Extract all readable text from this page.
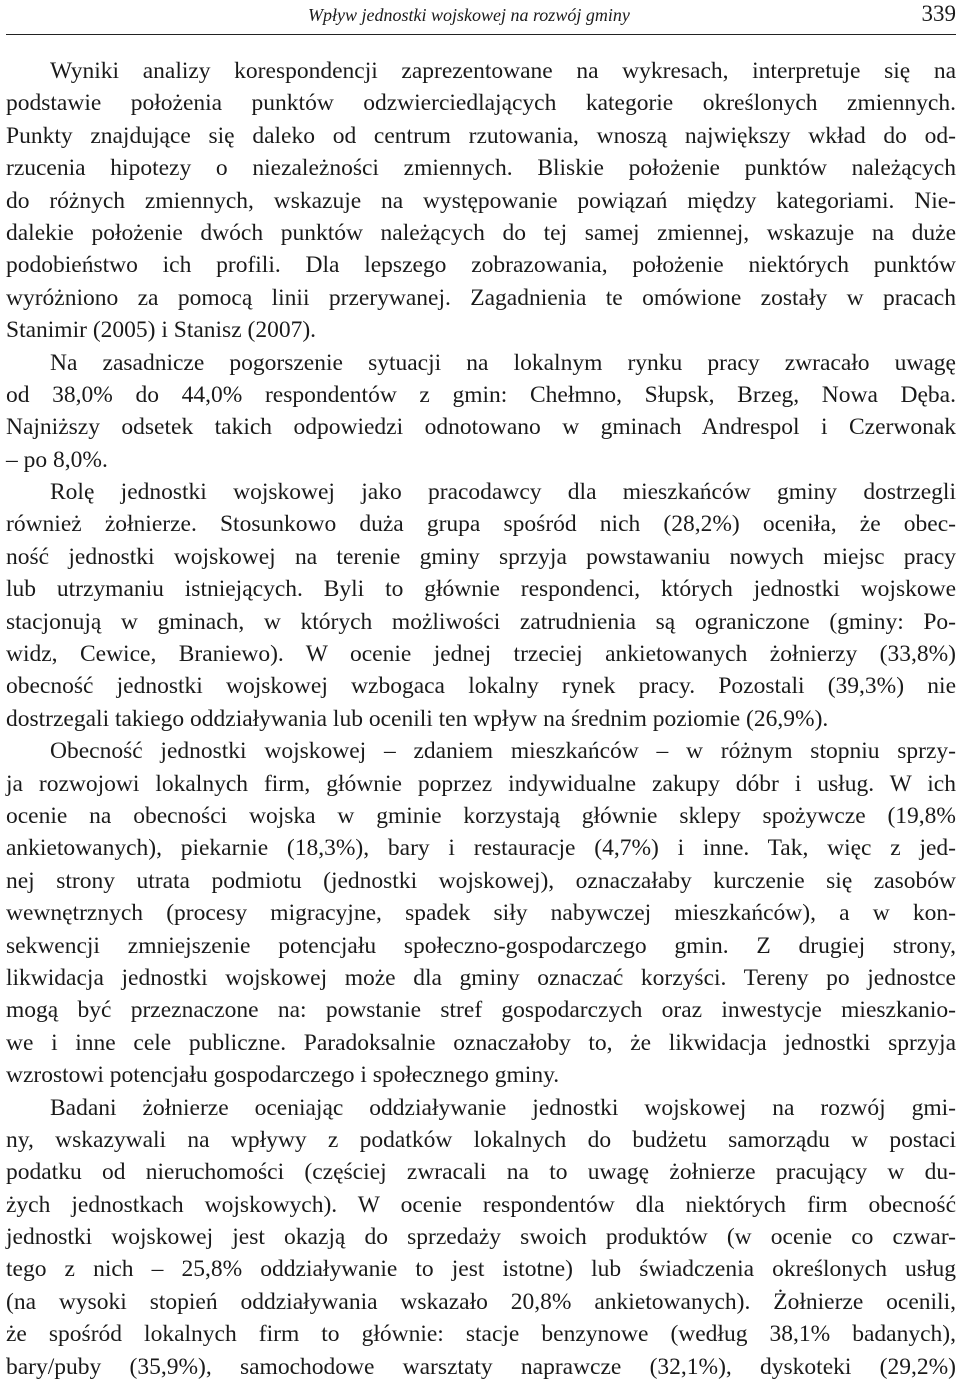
Wpływ jednostki wojskowej na rozwój gminy	339
Wyniki analizy korespondencji zaprezentowane na wykresach, interpretuje się na
podstawie położenia punktów odzwierciedlających kategorie określonych zmiennych.
Punkty znajdujące się daleko od centrum rzutowania, wnoszą największy wkład do od-
rzucenia hipotezy o niezależności zmiennych. Bliskie położenie punktów należących
do różnych zmiennych, wskazuje na występowanie powiązań między kategoriami. Nie-
dalekie położenie dwóch punktów należących do tej samej zmiennej, wskazuje na duże
podobieństwo ich profili. Dla lepszego zobrazowania, położenie niektórych punktów
wyróżniono za pomocą linii przerywanej. Zagadnienia te omówione zostały w pracach
Stanimir (2005) i Stanisz (2007).
Na zasadnicze pogorszenie sytuacji na lokalnym rynku pracy zwracało uwagę
od 38,0% do 44,0% respondentów z gmin: Chełmno, Słupsk, Brzeg, Nowa Dęba.
Najniższy odsetek takich odpowiedzi odnotowano w gminach Andrespol i Czerwonak
– po 8,0%.
Rolę jednostki wojskowej jako pracodawcy dla mieszkańców gminy dostrzegli
również żołnierze. Stosunkowo duża grupa spośród nich (28,2%) oceniła, że obec-
ność jednostki wojskowej na terenie gminy sprzyja powstawaniu nowych miejsc pracy
lub utrzymaniu istniejących. Byli to głównie respondenci, których jednostki wojskowe
stacjonują w gminach, w których możliwości zatrudnienia są ograniczone (gminy: Po-
widz, Cewice, Braniewo). W ocenie jednej trzeciej ankietowanych żołnierzy (33,8%)
obecność jednostki wojskowej wzbogaca lokalny rynek pracy. Pozostali (39,3%) nie
dostrzegali takiego oddziaływania lub ocenili ten wpływ na średnim poziomie (26,9%).
Obecność jednostki wojskowej – zdaniem mieszkańców – w różnym stopniu sprzy-
ja rozwojowi lokalnych firm, głównie poprzez indywidualne zakupy dóbr i usług. W ich
ocenie na obecności wojska w gminie korzystają głównie sklepy spożywcze (19,8%
ankietowanych), piekarnie (18,3%), bary i restauracje (4,7%) i inne. Tak, więc z jed-
nej strony utrata podmiotu (jednostki wojskowej), oznaczałaby kurczenie się zasobów
wewnętrznych (procesy migracyjne, spadek siły nabywczej mieszkańców), a w kon-
sekwencji zmniejszenie potencjału społeczno-gospodarczego gmin. Z drugiej strony,
likwidacja jednostki wojskowej może dla gminy oznaczać korzyści. Tereny po jednostce
mogą być przeznaczone na: powstanie stref gospodarczych oraz inwestycje mieszkanio-
we i inne cele publiczne. Paradoksalnie oznaczałoby to, że likwidacja jednostki sprzyja
wzrostowi potencjału gospodarczego i społecznego gminy.
Badani żołnierze oceniając oddziaływanie jednostki wojskowej na rozwój gmi-
ny, wskazywali na wpływy z podatków lokalnych do budżetu samorządu w postaci
podatku od nieruchomości (częściej zwracali na to uwagę żołnierze pracujący w du-
żych jednostkach wojskowych). W ocenie respondentów dla niektórych firm obecność
jednostki wojskowej jest okazją do sprzedaży swoich produktów (w ocenie co czwar-
tego z nich – 25,8% oddziaływanie to jest istotne) lub świadczenia określonych usług
(na wysoki stopień oddziaływania wskazało 20,8% ankietowanych). Żołnierze ocenili,
że spośród lokalnych firm to głównie: stacje benzynowe (według 38,1% badanych),
bary/puby (35,9%), samochodowe warsztaty naprawcze (32,1%), dyskoteki (29,2%)
